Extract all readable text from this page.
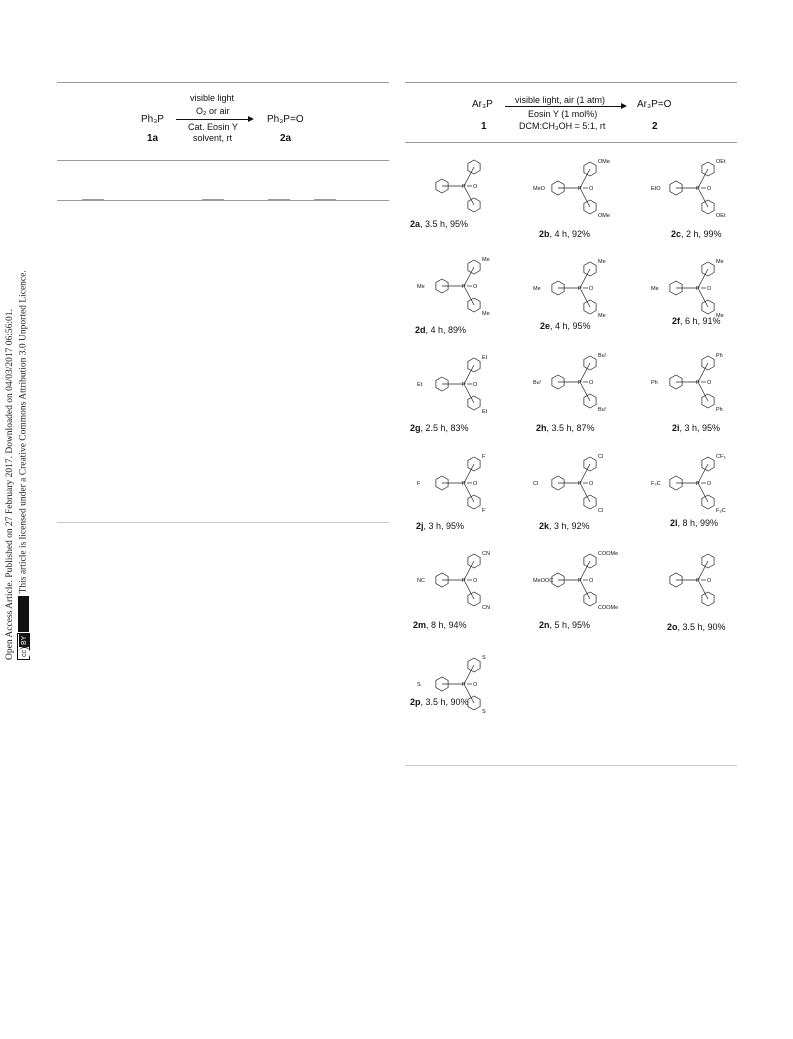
Open Access Article. Published on 27 February 2017. Downloaded on 04/03/2017 06:56:01. ccBY This article is licensed under a Creative Commons Attribution 3.0 Unported Licence.
Ph₃P
1a
visible light
O₂ or air
Cat. Eosin Y
solvent, rt
Ph₃P=O
2a
Ar₃P
1
visible light, air (1 atm)
Eosin Y (1 mol%)
DCM:CH₃OH = 5:1, rt
Ar₃P=O
2
P O
2a, 3.5 h, 95%
P O
MeO
OMe
OMe
2b, 4 h, 92%
P O
EtO
OEt
OEt
2c, 2 h, 99%
P O
Me
Me
Me
2d, 4 h, 89%
P O
Me
Me
Me
2e, 4 h, 95%
P O
Me
Me
Me
2f, 6 h, 91%
P O
Et
Et
Et
2g, 2.5 h, 83%
P O
Buᵗ
Buᵗ
Buᵗ
2h, 3.5 h, 87%
P O
Ph
Ph
Ph
2i, 3 h, 95%
P O
F
F
F
2j, 3 h, 95%
P O
Cl
Cl
Cl
2k, 3 h, 92%
P O
F₃C
CF₃
F₃C
2l, 8 h, 99%
P O
NC
CN
CN
2m, 8 h, 94%
P O
MeOOC
COOMe
COOMe
2n, 5 h, 95%
P O
2o, 3.5 h, 90%
P O
S
S
S
2p, 3.5 h, 90%
